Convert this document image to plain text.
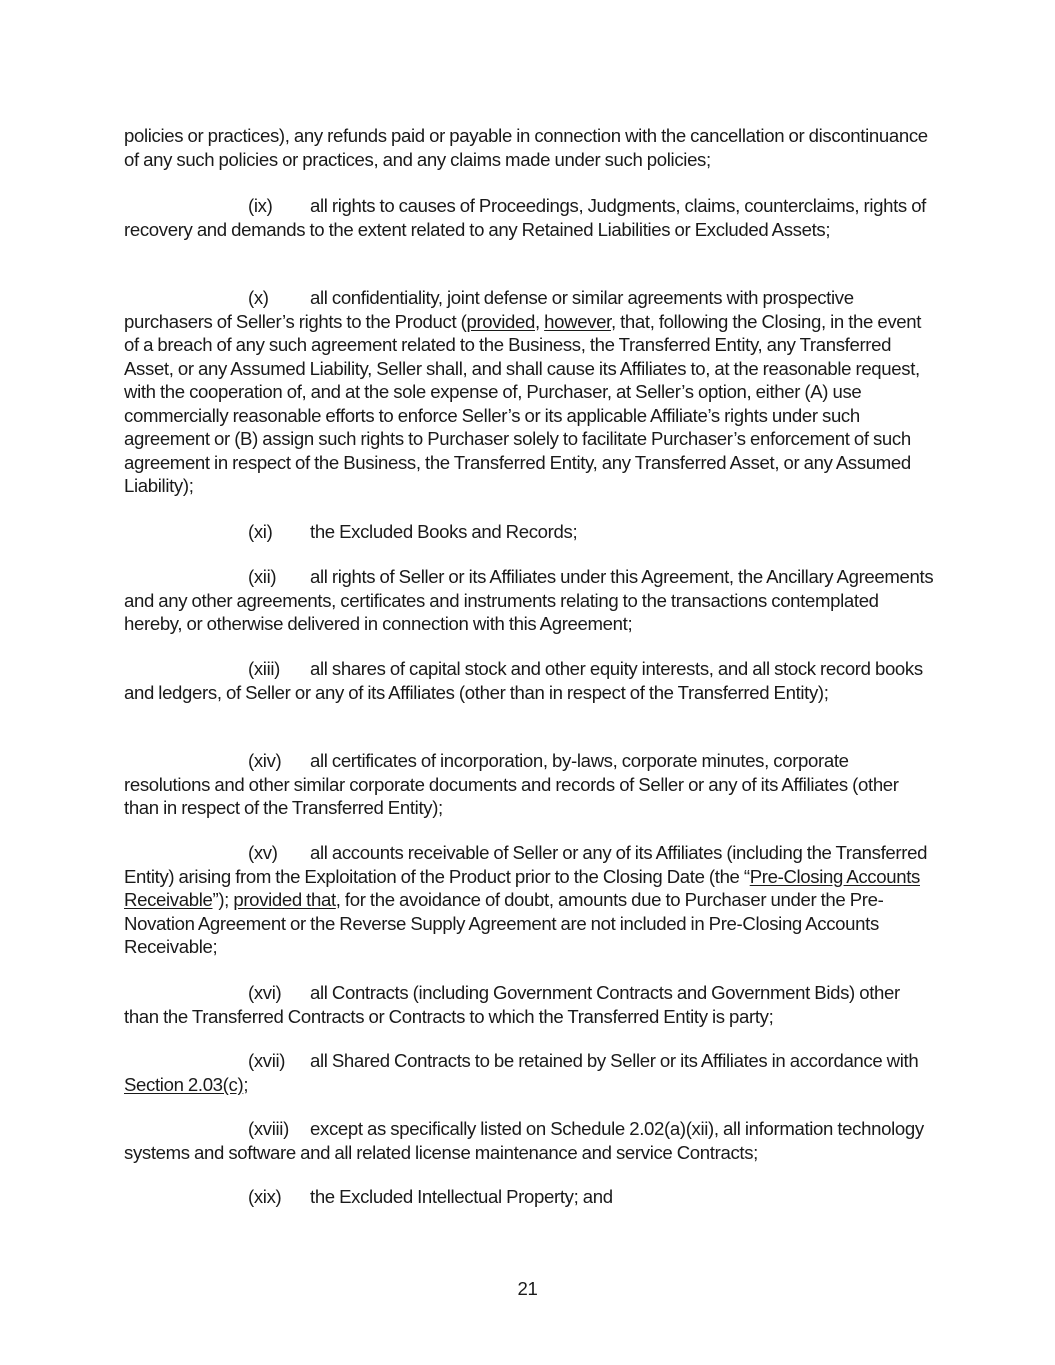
policies or practices), any refunds paid or payable in connection with the cancellation or discontinuance of any such policies or practices, and any claims made under such policies;

(ix) all rights to causes of Proceedings, Judgments, claims, counterclaims, rights of recovery and demands to the extent related to any Retained Liabilities or Excluded Assets;

(x) all confidentiality, joint defense or similar agreements with prospective purchasers of Seller’s rights to the Product (provided, however, that, following the Closing, in the event of a breach of any such agreement related to the Business, the Transferred Entity, any Transferred Asset, or any Assumed Liability, Seller shall, and shall cause its Affiliates to, at the reasonable request, with the cooperation of, and at the sole expense of, Purchaser, at Seller’s option, either (A) use commercially reasonable efforts to enforce Seller’s or its applicable Affiliate’s rights under such agreement or (B) assign such rights to Purchaser solely to facilitate Purchaser’s enforcement of such agreement in respect of the Business, the Transferred Entity, any Transferred Asset, or any Assumed Liability);

(xi) the Excluded Books and Records;

(xii) all rights of Seller or its Affiliates under this Agreement, the Ancillary Agreements and any other agreements, certificates and instruments relating to the transactions contemplated hereby, or otherwise delivered in connection with this Agreement;

(xiii) all shares of capital stock and other equity interests, and all stock record books and ledgers, of Seller or any of its Affiliates (other than in respect of the Transferred Entity);

(xiv) all certificates of incorporation, by-laws, corporate minutes, corporate resolutions and other similar corporate documents and records of Seller or any of its Affiliates (other than in respect of the Transferred Entity);

(xv) all accounts receivable of Seller or any of its Affiliates (including the Transferred Entity) arising from the Exploitation of the Product prior to the Closing Date (the “Pre-Closing Accounts Receivable”); provided that, for the avoidance of doubt, amounts due to Purchaser under the Pre-Novation Agreement or the Reverse Supply Agreement are not included in Pre-Closing Accounts Receivable;

(xvi) all Contracts (including Government Contracts and Government Bids) other than the Transferred Contracts or Contracts to which the Transferred Entity is party;

(xvii) all Shared Contracts to be retained by Seller or its Affiliates in accordance with Section 2.03(c);

(xviii) except as specifically listed on Schedule 2.02(a)(xii), all information technology systems and software and all related license maintenance and service Contracts;

(xix) the Excluded Intellectual Property; and

21
